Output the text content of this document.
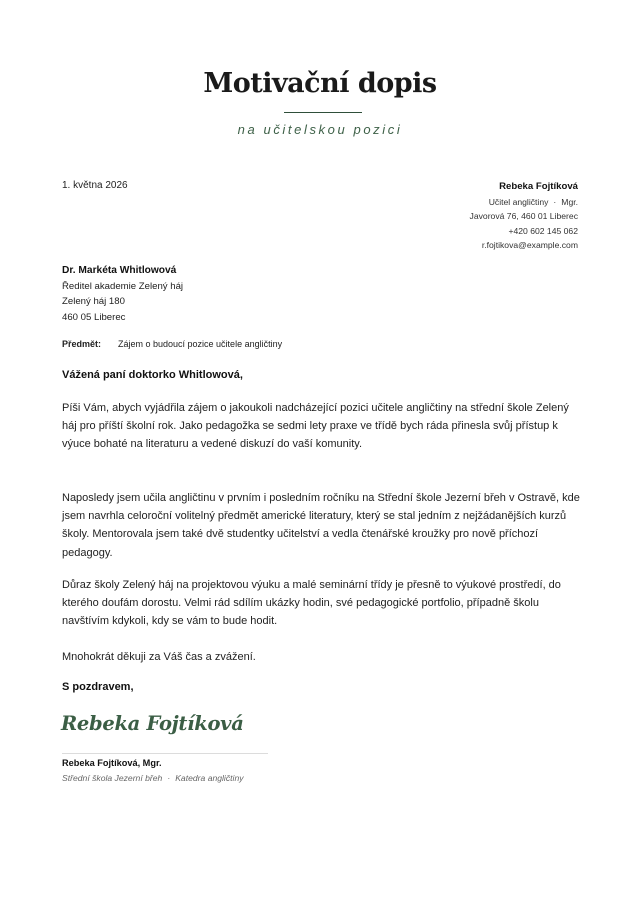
Motivační dopis
na učitelskou pozici
1. května 2026	Rebeka Fojtíková
Učitel angličtiny · Mgr.
Javorová 76, 460 01 Liberec
+420 602 145 062
r.fojtikova@example.com
Dr. Markéta Whitlowová
Ředitel akademie Zelený háj
Zelený háj 180
460 05 Liberec
Předmět: Zájem o budoucí pozice učitele angličtiny
Vážená paní doktorko Whitlowová,

Píši Vám, abych vyjádřila zájem o jakoukoli nadcházející pozici učitele angličtiny na střední škole Zelený háj pro příští školní rok. Jako pedagožka se sedmi lety praxe ve třídě bych ráda přinesla svůj přístup k výuce bohaté na literaturu a vedené diskuzí do vaší komunity.

Naposledy jsem učila angličtinu v prvním i posledním ročníku na Střední škole Jezerní břeh v Ostravě, kde jsem navrhla celoroční volitelný předmět americké literatury, který se stal jedním z nejžádanějších kurzů školy. Mentorovala jsem také dvě studentky učitelství a vedla čtenářské kroužky pro nově příchozí pedagogy.

Důraz školy Zelený háj na projektovou výuku a malé seminární třídy je přesně to výukové prostředí, do kterého doufám dorostu. Velmi rád sdílím ukázky hodin, své pedagogické portfolio, případně školu navštívím kdykoli, kdy se vám to bude hodit.

Mnohokrát děkuji za Váš čas a zvážení.

S pozdravem,
Rebeka Fojtíková
Rebeka Fojtíková, Mgr.
Střední škola Jezerní břeh · Katedra angličtiny
